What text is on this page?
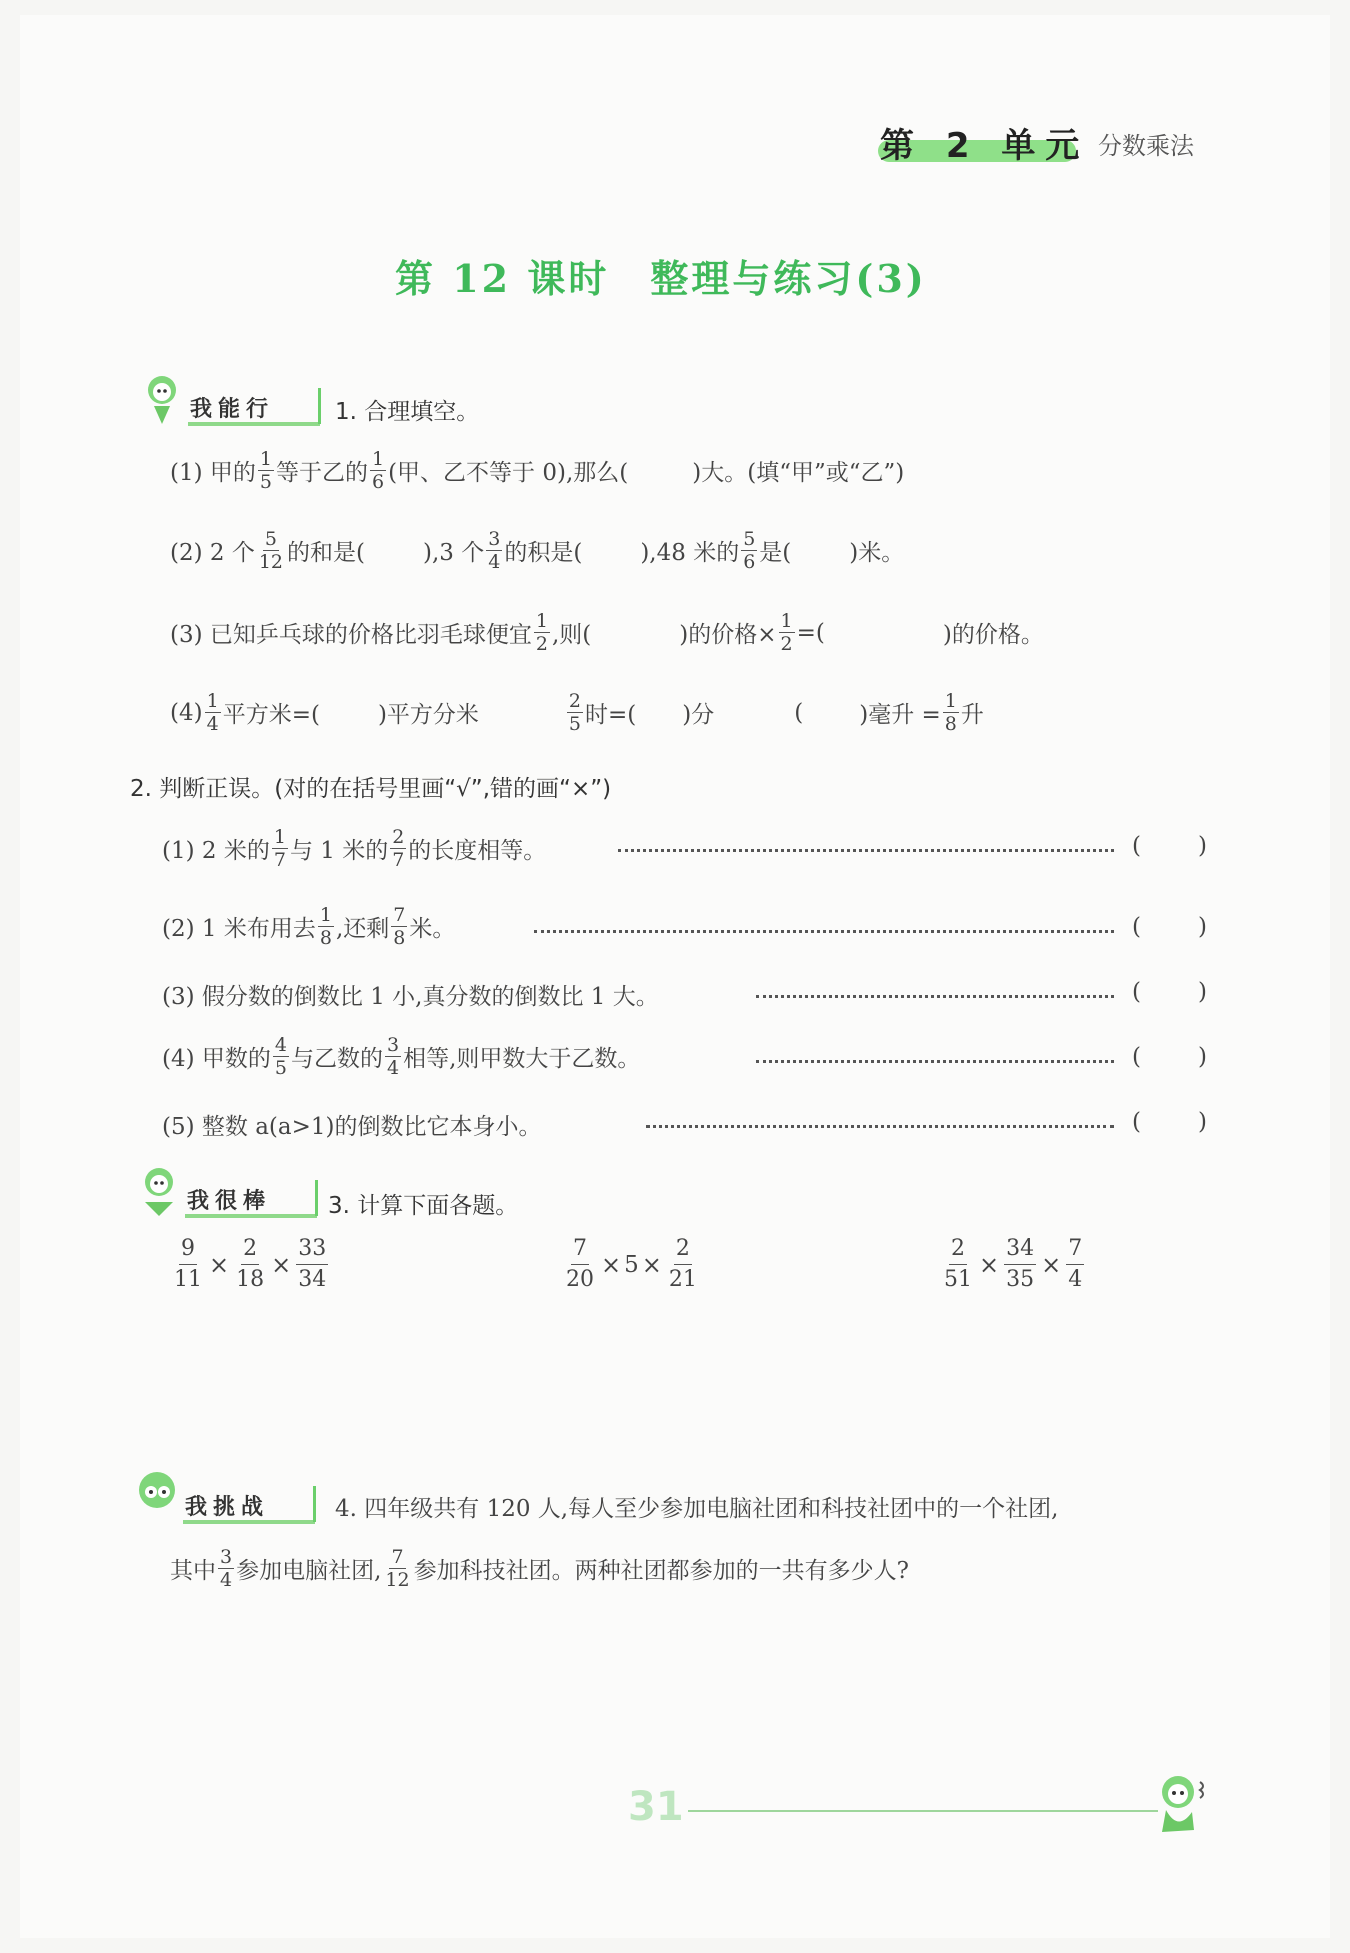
第 2 单元 分数乘法
第 12 课时　整理与练习(3)
我能行	1. 合理填空。
(1) 甲的 $\frac{1}{5}$ 等于乙的 $\frac{1}{6}$ (甲、乙不等于 0),那么(	)大。(填“甲”或“乙”)
(2) 2 个 $\frac{5}{12}$ 的和是(	),3 个 $\frac{3}{4}$ 的积是(	),48 米的 $\frac{5}{6}$ 是(	)米。
(3) 已知乒乓球的价格比羽毛球便宜 $\frac{1}{2}$ ,则(	)的价格× $\frac{1}{2}$ =(	)的价格。
$(4) \frac{1}{4}$ 平方米=(	)平方分米	$\frac{2}{5}$ 时=( )分	( )毫升 = $\frac{1}{8}$ 升
2. 判断正误。(对的在括号里画“√”,错的画“×”)
(1) 2 米的 $\frac{1}{7}$ 与 1 米的 $\frac{2}{7}$ 的长度相等。	( )
(2) 1 米布用去 $\frac{1}{8}$ ,还剩 $\frac{7}{8}$ 米。	( )
(3) 假分数的倒数比 1 小,真分数的倒数比 1 大。	( )
(4) 甲数的 $\frac{4}{5}$ 与乙数的 $\frac{3}{4}$ 相等,则甲数大于乙数。	( )
(5) 整数 a(a>1)的倒数比它本身小。	( )
我很棒 3. 计算下面各题。
$\frac{9}{11} \times \frac{2}{18} \times \frac{33}{34}$	$\frac{7}{20} \times 5 \times \frac{2}{21}$	$\frac{2}{51} \times \frac{34}{35} \times \frac{7}{4}$
我挑战	4. 四年级共有 120 人,每人至少参加电脑社团和科技社团中的一个社团,
其中 $\frac{3}{4}$ 参加电脑社团, $\frac{7}{12}$ 参加科技社团。两种社团都参加的一共有多少人?
31
